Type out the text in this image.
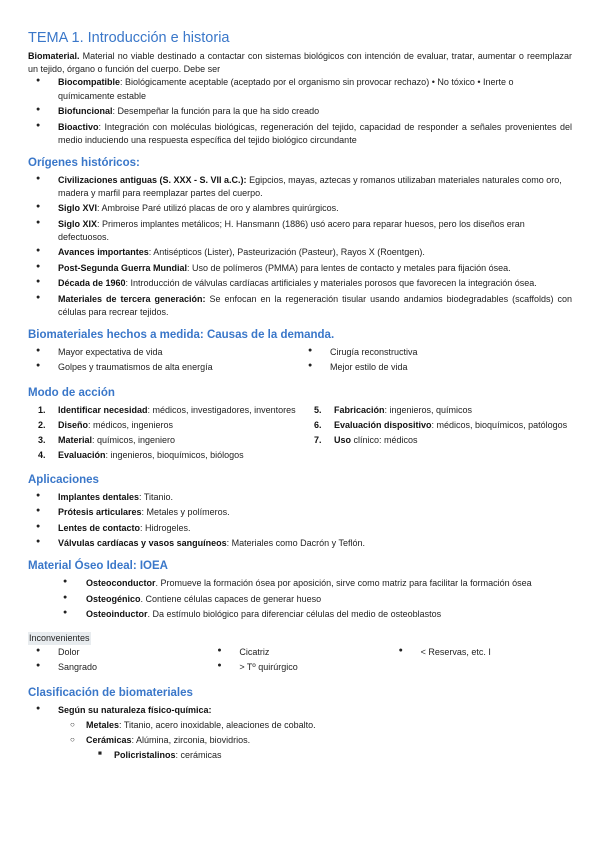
TEMA 1. Introducción e historia

Biomaterial. Material no viable destinado a contactar con sistemas biológicos con intención de evaluar, tratar, aumentar o reemplazar un tejido, órgano o función del cuerpo. Debe ser

● Biocompatible: Biológicamente aceptable (aceptado por el organismo sin provocar rechazo) • No tóxico • Inerte o químicamente estable
● Biofuncional: Desempeñar la función para la que ha sido creado
● Bioactivo: Integración con moléculas biológicas, regeneración del tejido, capacidad de responder a señales provenientes del medio induciendo una respuesta específica del tejido biológico circundante
Orígenes históricos:
● Civilizaciones antiguas (S. XXX - S. VII a.C.): Egipcios, mayas, aztecas y romanos utilizaban materiales naturales como oro, madera y marfil para reemplazar partes del cuerpo.
● Siglo XVI: Ambroise Paré utilizó placas de oro y alambres quirúrgicos.
● Siglo XIX: Primeros implantes metálicos; H. Hansmann (1886) usó acero para reparar huesos, pero los diseños eran defectuosos.
● Avances importantes: Antisépticos (Lister), Pasteurización (Pasteur), Rayos X (Roentgen).
● Post-Segunda Guerra Mundial: Uso de polímeros (PMMA) para lentes de contacto y metales para fijación ósea.
● Década de 1960: Introducción de válvulas cardíacas artificiales y materiales porosos que favorecen la integración ósea.
● Materiales de tercera generación: Se enfocan en la regeneración tisular usando andamios biodegradables (scaffolds) con células para recrear tejidos.
Biomateriales hechos a medida: Causas de la demanda.
● Mayor expectativa de vida
● Golpes y traumatismos de alta energía
● Cirugía reconstructiva
● Mejor estilo de vida
Modo de acción
1. Identificar necesidad: médicos, investigadores, inventores
2. Diseño: médicos, ingenieros
3. Material: químicos, ingeniero
4. Evaluación: ingenieros, bioquímicos, biólogos
5. Fabricación: ingenieros, químicos
6. Evaluación dispositivo: médicos, bioquímicos, patólogos
7. Uso clínico: médicos
Aplicaciones
● Implantes dentales: Titanio.
● Prótesis articulares: Metales y polímeros.
● Lentes de contacto: Hidrogeles.
● Válvulas cardíacas y vasos sanguíneos: Materiales como Dacrón y Teflón.
Material Óseo Ideal: IOEA
● Osteoconductor. Promueve la formación ósea por aposición, sirve como matriz para facilitar la formación ósea
● Osteogénico. Contiene células capaces de generar hueso
● Osteoinductor. Da estímulo biológico para diferenciar células del medio de osteoblastos
Inconvenientes
● Dolor
● Sangrado
● Cicatriz
● > Tº quirúrgico
● < Reservas, etc. I
Clasificación de biomateriales
● Según su naturaleza físico-química:
○ Metales: Titanio, acero inoxidable, aleaciones de cobalto.
○ Cerámicas: Alúmina, zirconia, biovidrios.
■ Policristalinos: cerámicas
